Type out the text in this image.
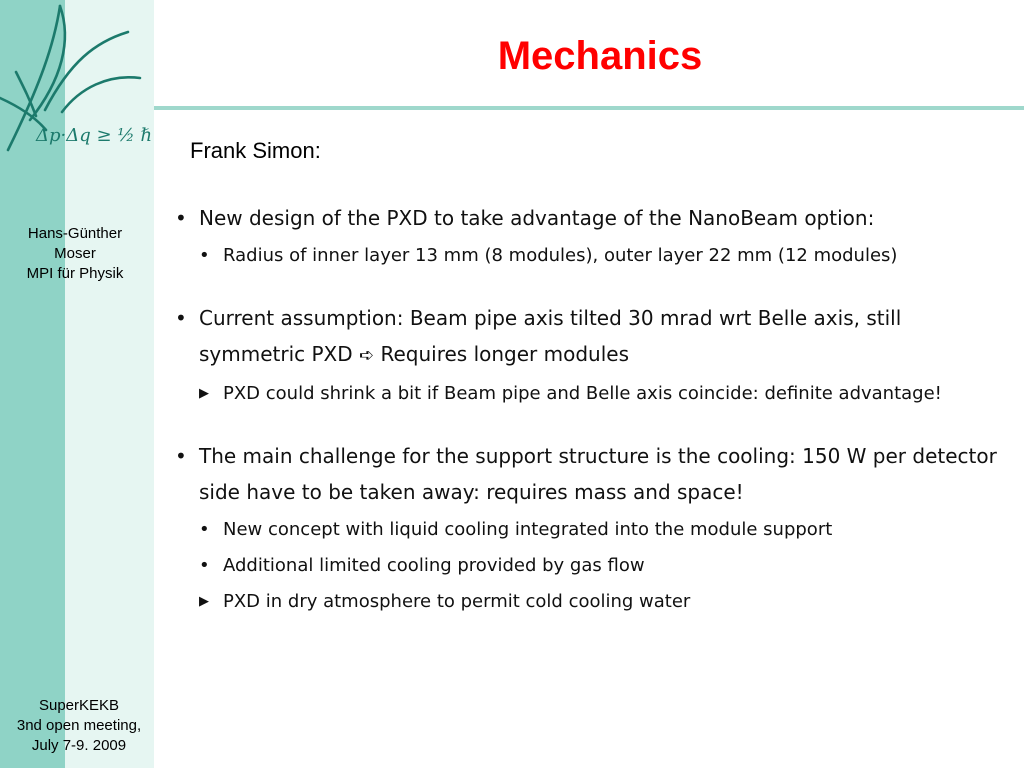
Δp·Δq ≥ ½ ℏ
Hans-Günther
Moser
MPI für Physik
SuperKEKB
3nd open meeting,
July 7-9. 2009
Mechanics
Frank Simon:
• New design of the PXD to take advantage of the NanoBeam option:
• Radius of inner layer 13 mm (8 modules), outer layer 22 mm (12 modules)
• Current assumption: Beam pipe axis tilted 30 mrad wrt Belle axis, still symmetric PXD ➪ Requires longer modules
▶ PXD could shrink a bit if Beam pipe and Belle axis coincide: definite advantage!
• The main challenge for the support structure is the cooling: 150 W per detector side have to be taken away: requires mass and space!
• New concept with liquid cooling integrated into the module support
• Additional limited cooling provided by gas flow
▶ PXD in dry atmosphere to permit cold cooling water
